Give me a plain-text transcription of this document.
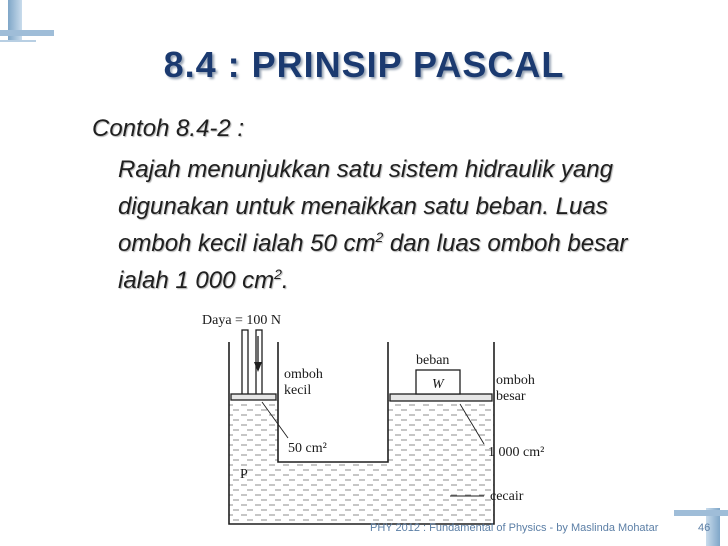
8.4 : PRINSIP PASCAL
Contoh 8.4-2 :
Rajah menunjukkan satu sistem hidraulik yang
digunakan untuk menaikkan satu beban. Luas
omboh kecil ialah 50 $cm^2$ dan luas omboh besar
ialah 1 000 $cm^2$.
Daya = 100 N
omboh
kecil
50 cm²
beban
W	omboh
besar
1 000 cm²
P
cecair
PHY 2012 : Fundamental of Physics - by Maslinda Mohatar	46
